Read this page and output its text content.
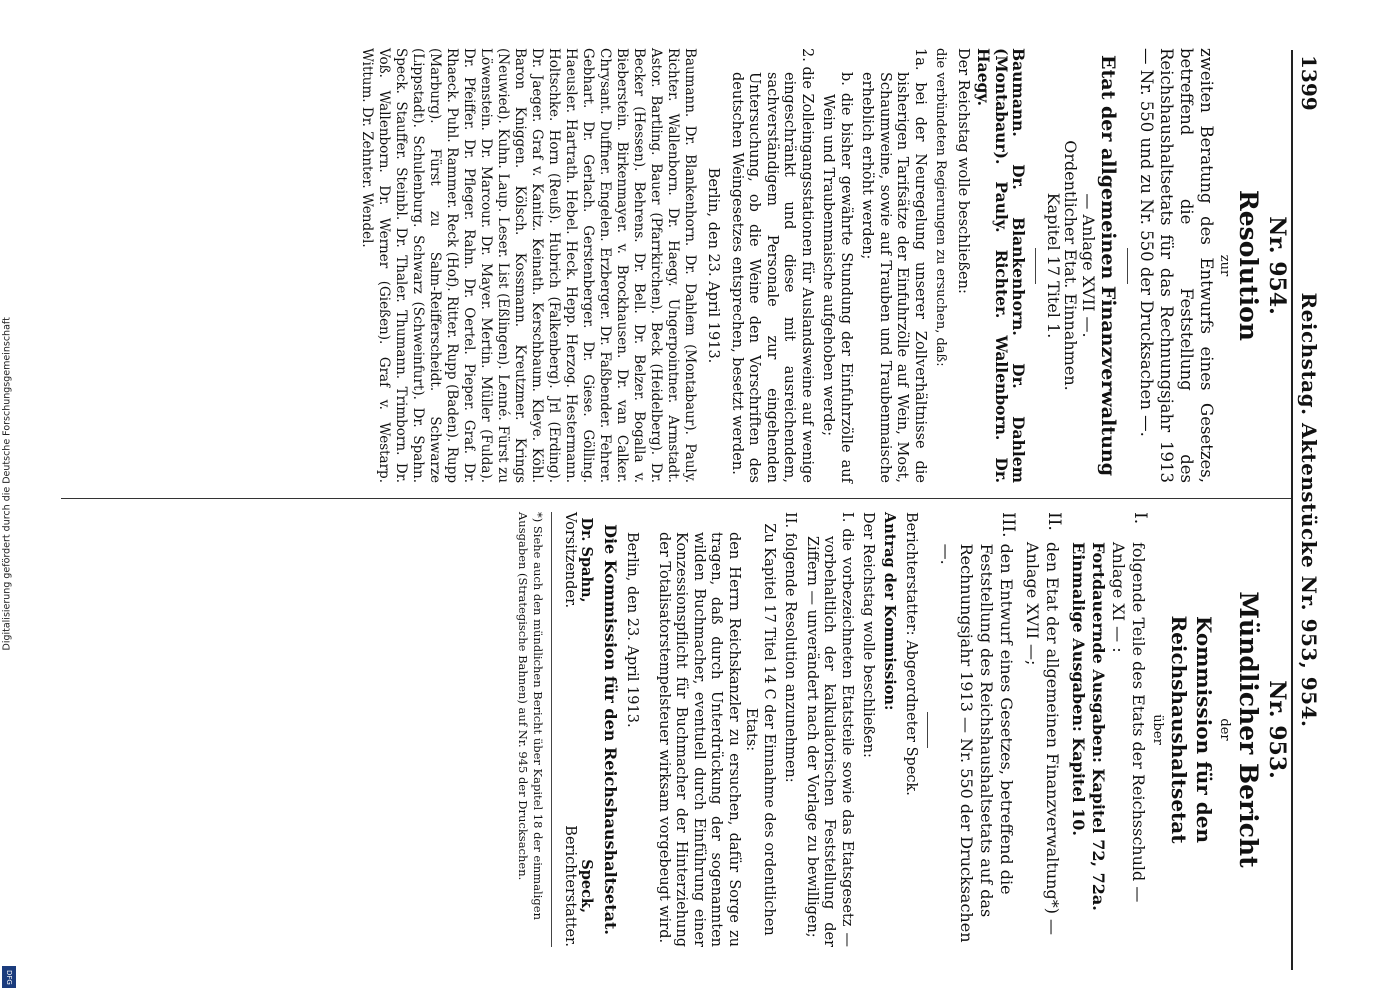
1399
Reichstag. Aktenstücke Nr. 953, 954.
Nr. 954.
Resolution
zur

zweiten Beratung des Entwurfs eines Gesetzes, betreffend die Feststellung des Reichshaushaltsetats für das Rechnungsjahr 1913 — Nr. 550 und zu Nr. 550 der Drucksachen —.

Etat der allgemeinen Finanzverwaltung
— Anlage XVII —.
Ordentlicher Etat. Einnahmen.
Kapitel 17 Titel 1.

Baumann. Dr. Blankenhorn. Dr. Dahlem (Montabaur). Pauly. Richter. Wallenborn. Dr. Haegy.

Der Reichstag wolle beschließen:

die verbündeten Regierungen zu ersuchen, daß:

1a. bei der Neuregelung unserer Zollverhältnisse die bisherigen Tarifsätze der Einfuhrzölle auf Wein, Most, Schaumweine, sowie auf Trauben und Traubenmaische erheblich erhöht werden;

b. die bisher gewährte Stundung der Einfuhrzölle auf Wein und Traubenmaische aufgehoben werde;

2. die Zolleingangsstationen für Auslandsweine auf wenige eingeschränkt und diese mit ausreichendem, sachverständigem Personale zur eingehenden Untersuchung, ob die Weine den Vorschriften des deutschen Weingesetzes entsprechen, besetzt werden.

Berlin, den 23. April 1913.

Baumann. Dr. Blankenhorn. Dr. Dahlem (Montabaur). Pauly. Richter. Wallenborn. Dr. Haegy. Ungerpointner. Armstadt. Astor. Bartling. Bauer (Pfarrkirchen). Beck (Heidelberg). Dr. Becker (Hessen). Behrens. Dr. Bell. Dr. Belzer. Bogalla v. Bieberstein. Birkenmayer. v. Brockhausen. Dr. van Calker. Chrysant. Duffner. Engelen. Erzberger. Dr. Faßbender. Fehrer. Gebhart. Dr. Gerlach. Gerstenberger. Dr. Giese. Gölling. Haeusler. Hartrath. Hebel. Heck. Hepp. Herzog. Hestermann. Holtschke. Horn (Reuß). Hubrich (Falkenberg). Jrl (Erding). Dr. Jaeger. Graf v. Kanitz. Keinath. Kerschbaum. Kleye. Köhl. Baron Kniggen. Kölsch. Kossmann. Kreutzmer. Krings (Neuwied). Kuhn. Laup. Leser. List (Eßlingen). Lenné. Fürst zu Löwenstein. Dr. Marcour. Dr. Mayer. Mertin. Müller (Fulda). Dr. Pfeiffer. Dr. Pfleger. Rahn. Dr. Oertel. Pieper. Graf. Dr. Rhaeck. Puhl. Rammer. Reck (Hof). Ritter. Rupp (Baden). Rupp (Marburg). Fürst zu Salm-Reifferscheidt. Schwarze (Lippstadt). Schulenburg. Schwarz (Schweinfurt). Dr. Spahn. Speck. Stauffer. Steinbl. Dr. Thaler. Thumann. Trimborn. Dr. Voß. Wallenborn. Dr. Werner (Gießen). Graf v. Westarp. Wittum. Dr. Zehnter. Wendel.

Nr. 953.
Mündlicher Bericht
der
Kommission für den Reichshaushaltsetat
über
I.
folgende Teile des Etats der Reichsschuld — Anlage XI — :
Fortdauernde Ausgaben: Kapitel 72, 72a.
Einmalige Ausgaben: Kapitel 10.
II.
den Etat der allgemeinen Finanzverwaltung*) — Anlage XVII —;
III.
den Entwurf eines Gesetzes, betreffend die Feststellung des Reichshaushaltsetats auf das Rechnungsjahr 1913 — Nr. 550 der Drucksachen —.

Berichterstatter: Abgeordneter Speck.

Antrag der Kommission:

Der Reichstag wolle beschließen:

I. die vorbezeichneten Etatsteile sowie das Etatsgesetz — vorbehaltlich der kalkulatorischen Feststellung der Ziffern — unverändert nach der Vorlage zu bewilligen;

II. folgende Resolution anzunehmen:

Zu Kapitel 17 Titel 14 C der Einnahme des ordentlichen Etats:

den Herrn Reichskanzler zu ersuchen, dafür Sorge zu tragen, daß durch Unterdrückung der sogenannten wilden Buchmacher, eventuell durch Einführung einer Konzessionspflicht für Buchmacher der Hinterziehung der Totalisatorstempelsteuer wirksam vorgebeugt wird.

Berlin, den 23. April 1913.

Die Kommission für den Reichshaushaltsetat.
Dr. Spahn,
Vorsitzender.
Speck,
Berichterstatter.
*) Siehe auch den mündlichen Bericht über Kapitel 18 der einmaligen Ausgaben (Strategische Bahnen) auf Nr. 945 der Drucksachen.
Digitalisierung gefördert durch die Deutsche Forschungsgemeinschaft
DFG
